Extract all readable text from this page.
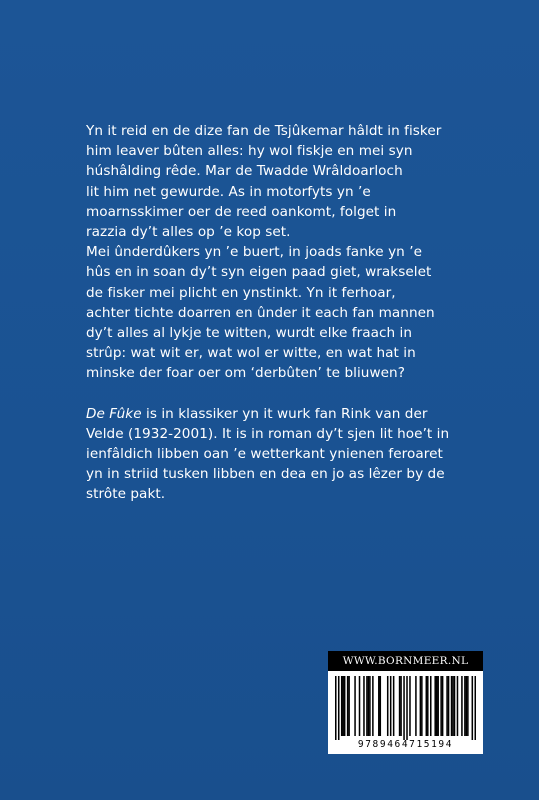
Yn it reid en de dize fan de Tsjûkemar hâldt in fisker
him leaver bûten alles: hy wol fiskje en mei syn
húshâlding rêde. Mar de Twadde Wrâldoarloch
lit him net gewurde. As in motorfyts yn ’e
moarnsskimer oer de reed oankomt, folget in
razzia dy’t alles op ’e kop set.
Mei ûnderdûkers yn ’e buert, in joads fanke yn ’e
hûs en in soan dy’t syn eigen paad giet, wrakselet
de fisker mei plicht en ynstinkt. Yn it ferhoar,
achter tichte doarren en ûnder it each fan mannen
dy’t alles al lykje te witten, wurdt elke fraach in
strûp: wat wit er, wat wol er witte, en wat hat in
minske der foar oer om ‘derbûten’ te bliuwen?

De Fûke is in klassiker yn it wurk fan Rink van der
Velde (1932-2001). It is in roman dy’t sjen lit hoe’t in
ienfâldich libben oan ’e wetterkant ynienen feroaret
yn in striid tusken libben en dea en jo as lêzer by de
strôte pakt.

WWW.BORNMEER.NL
9789464715194
